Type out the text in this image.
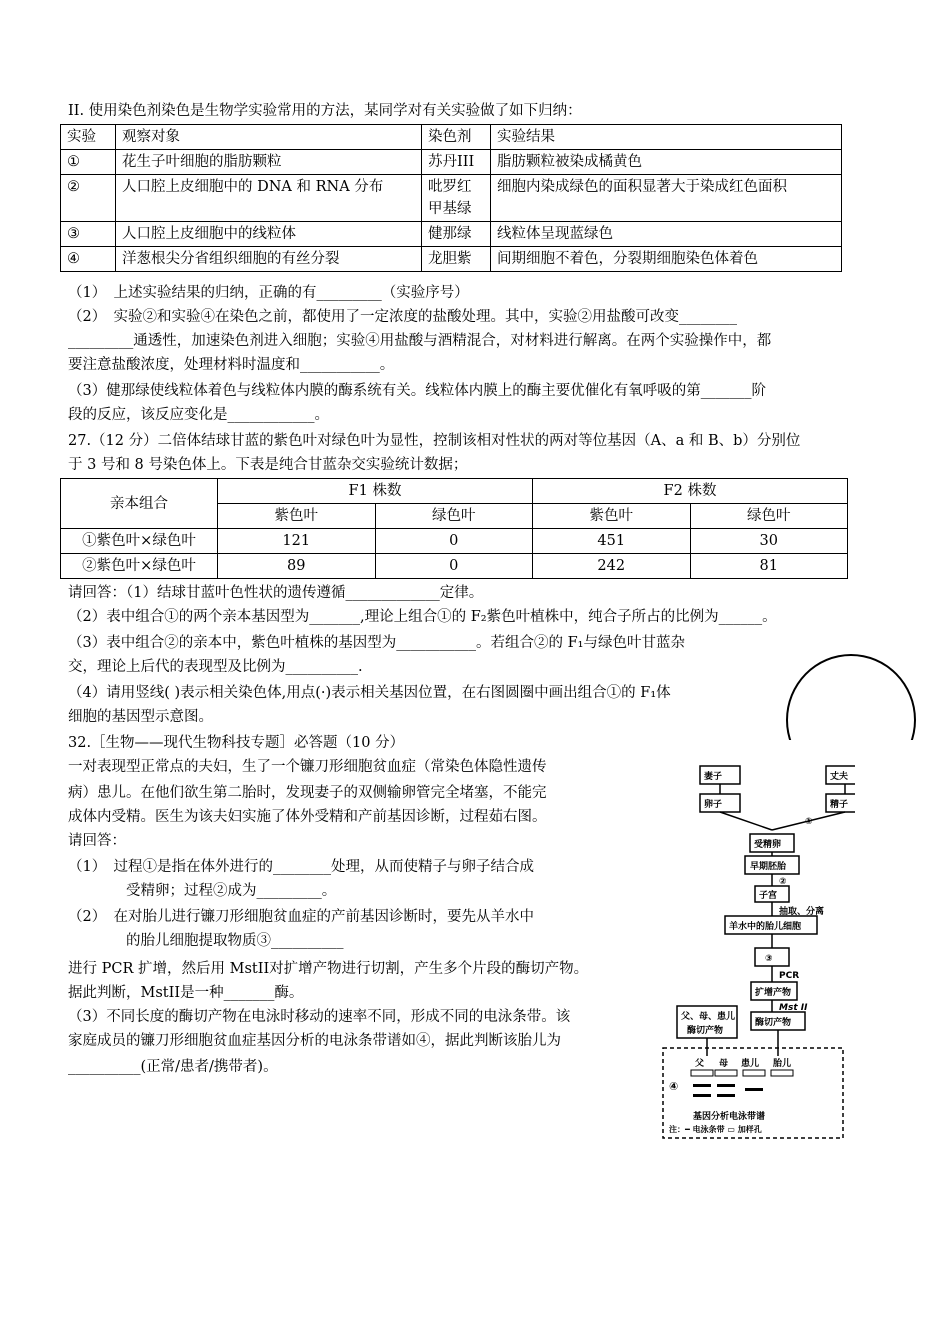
II. 使用染色剂染色是生物学实验常用的方法，某同学对有关实验做了如下归纳：
实验	观察对象	染色剂	实验结果
①	花生子叶细胞的脂肪颗粒	苏丹III	脂肪颗粒被染成橘黄色
②	人口腔上皮细胞中的 DNA 和 RNA 分布	吡罗红甲基绿	细胞内染成绿色的面积显著大于染成红色面积
③	人口腔上皮细胞中的线粒体	健那绿	线粒体呈现蓝绿色
④	洋葱根尖分省组织细胞的有丝分裂	龙胆紫	间期细胞不着色，分裂期细胞染色体着色
（1）　上述实验结果的归纳，正确的有_________（实验序号）
（2）　实验②和实验④在染色之前，都使用了一定浓度的盐酸处理。其中，实验②用盐酸可改变________
_________通透性，加速染色剂进入细胞；实验④用盐酸与酒精混合，对材料进行解离。在两个实验操作中，都
要注意盐酸浓度，处理材料时温度和___________。
（3）健那绿使线粒体着色与线粒体内膜的酶系统有关。线粒体内膜上的酶主要优催化有氧呼吸的第_______阶
段的反应，该反应变化是____________。
27.（12 分）二倍体结球甘蓝的紫色叶对绿色叶为显性，控制该相对性状的两对等位基因（A、a 和 B、b）分别位
于 3 号和 8 号染色体上。下表是纯合甘蓝杂交实验统计数据；
亲本组合	F1 株数		F2 株数	
	紫色叶	绿色叶	紫色叶	绿色叶
①紫色叶×绿色叶	121	0	451	30
②紫色叶×绿色叶	89	0	242	81
请回答：（1）结球甘蓝叶色性状的遗传遵循_____________定律。
（2）表中组合①的两个亲本基因型为_______,理论上组合①的 F₂紫色叶植株中，纯合子所占的比例为______。
（3）表中组合②的亲本中，紫色叶植株的基因型为___________。若组合②的 F₁与绿色叶甘蓝杂
交，理论上后代的表现型及比例为__________.
（4）请用竖线( )表示相关染色体,用点(·)表示相关基因位置，在右图圆圈中画出组合①的 F₁体
细胞的基因型示意图。
32.［生物——现代生物科技专题］必答题（10 分）
一对表现型正常点的夫妇，生了一个镰刀形细胞贫血症（常染色体隐性遗传
病）患儿。在他们欲生第二胎时，发现妻子的双侧输卵管完全堵塞，不能完
成体内受精。医生为该夫妇实施了体外受精和产前基因诊断，过程茹右图。
请回答：
（1）　过程①是指在体外进行的________处理，从而使精子与卵子结合成
受精卵；过程②成为_________。
（2）　在对胎儿进行镰刀形细胞贫血症的产前基因诊断时，要先从羊水中
的胎儿细胞提取物质③__________
进行 PCR 扩增，然后用 MstII对扩增产物进行切割，产生多个片段的酶切产物。
据此判断，MstII是一种_______酶。
（3）不同长度的酶切产物在电泳时移动的速率不同，形成不同的电泳条带。该
家庭成员的镰刀形细胞贫血症基因分析的电泳条带谱如④，据此判断该胎儿为
__________(正常/患者/携带者)。
妻子	丈夫
卵子	精子
①
受精卵
早期胚胎
②
子宫
抽取、分离
羊水中的胎儿细胞
③
PCR
扩增产物
Mst II
父、母、患儿
酶切产物
酶切产物
父 母 患儿 胎儿
④
基因分析电泳带谱
注：━ 电泳条带 ▭ 加样孔
